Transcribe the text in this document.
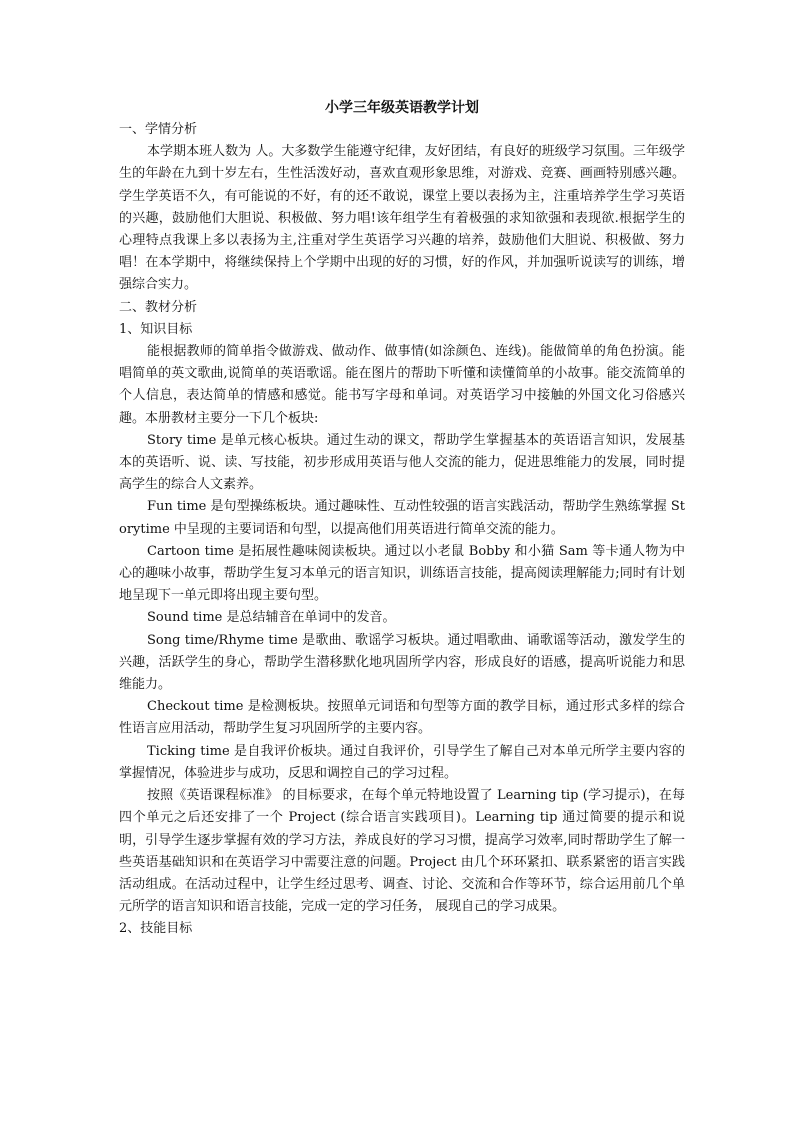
小学三年级英语教学计划

一、学情分析

本学期本班人数为 人。大多数学生能遵守纪律，友好团结，有良好的班级学习氛围。三年级学生的年龄在九到十岁左右，生性活泼好动，喜欢直观形象思维，对游戏、竞赛、画画特别感兴趣。学生学英语不久，有可能说的不好，有的还不敢说，课堂上要以表扬为主，注重培养学生学习英语的兴趣，鼓励他们大胆说、积极做、努力唱!该年组学生有着极强的求知欲强和表现欲.根据学生的心理特点我课上多以表扬为主,注重对学生英语学习兴趣的培养，鼓励他们大胆说、积极做、努力唱！在本学期中，将继续保持上个学期中出现的好的习惯，好的作风，并加强听说读写的训练，增强综合实力。

二、教材分析

1、知识目标

能根据教师的简单指令做游戏、做动作、做事情(如涂颜色、连线)。能做简单的角色扮演。能唱简单的英文歌曲,说简单的英语歌谣。能在图片的帮助下听懂和读懂简单的小故事。能交流简单的个人信息，表达简单的情感和感觉。能书写字母和单词。对英语学习中接触的外国文化习俗感兴趣。本册教材主要分一下几个板块:

Story time 是单元核心板块。通过生动的课文，帮助学生掌握基本的英语语言知识，发展基本的英语听、说、读、写技能，初步形成用英语与他人交流的能力，促进思维能力的发展，同时提高学生的综合人文素养。

Fun time 是句型操练板块。通过趣味性、互动性较强的语言实践活动，帮助学生熟练掌握 Storytime 中呈现的主要词语和句型，以提高他们用英语进行简单交流的能力。

Cartoon time 是拓展性趣味阅读板块。通过以小老鼠 Bobby 和小猫 Sam 等卡通人物为中心的趣味小故事，帮助学生复习本单元的语言知识，训练语言技能，提高阅读理解能力;同时有计划地呈现下一单元即将出现主要句型。

Sound time 是总结辅音在单词中的发音。

Song time/Rhyme time 是歌曲、歌谣学习板块。通过唱歌曲、诵歌谣等活动，激发学生的兴趣，活跃学生的身心，帮助学生潜移默化地巩固所学内容，形成良好的语感，提高听说能力和思维能力。

Checkout time 是检测板块。按照单元词语和句型等方面的教学目标，通过形式多样的综合性语言应用活动，帮助学生复习巩固所学的主要内容。

Ticking time 是自我评价板块。通过自我评价，引导学生了解自己对本单元所学主要内容的掌握情况，体验进步与成功，反思和调控自己的学习过程。

按照《英语课程标准》 的目标要求，在每个单元特地设置了 Learning tip (学习提示)，在每四个单元之后还安排了一个 Project (综合语言实践项目)。Learning tip 通过简要的提示和说明，引导学生逐步掌握有效的学习方法，养成良好的学习习惯，提高学习效率,同时帮助学生了解一些英语基础知识和在英语学习中需要注意的问题。Project 由几个环环紧扣、联系紧密的语言实践活动组成。在活动过程中，让学生经过思考、调查、讨论、交流和合作等环节，综合运用前几个单元所学的语言知识和语言技能，完成一定的学习任务， 展现自己的学习成果。

2、技能目标
